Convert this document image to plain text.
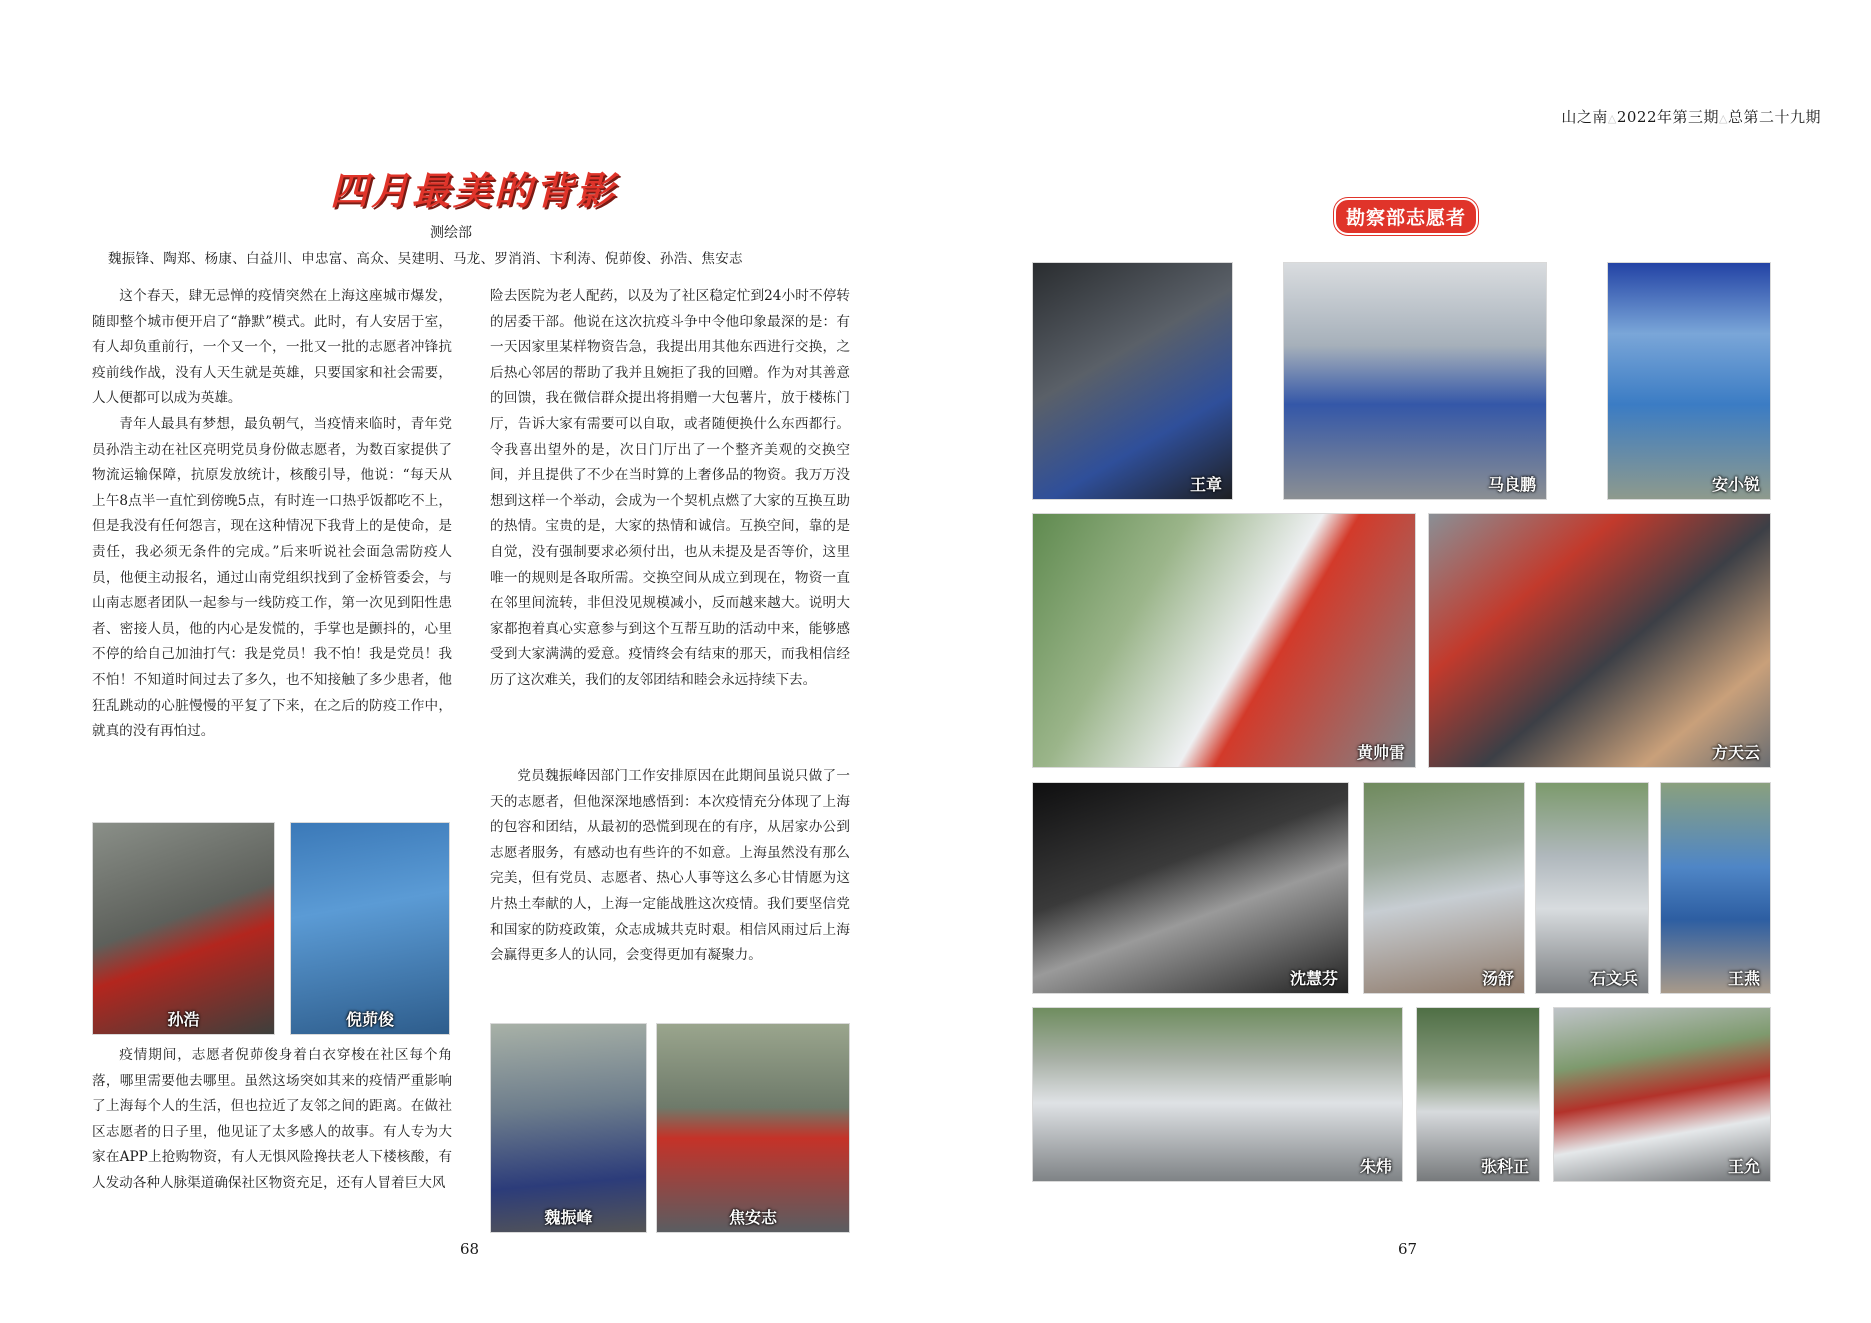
四月最美的背影
测绘部
魏振锋、陶郑、杨康、白益川、申忠富、高众、吴建明、马龙、罗消消、卞利涛、倪茆俊、孙浩、焦安志

这个春天，肆无忌惮的疫情突然在上海这座城市爆发，随即整个城市便开启了“静默”模式。此时，有人安居于室，有人却负重前行，一个又一个，一批又一批的志愿者冲锋抗疫前线作战，没有人天生就是英雄，只要国家和社会需要，人人便都可以成为英雄。

青年人最具有梦想，最负朝气，当疫情来临时，青年党员孙浩主动在社区亮明党员身份做志愿者，为数百家提供了物流运输保障，抗原发放统计，核酸引导，他说：“每天从上午8点半一直忙到傍晚5点，有时连一口热乎饭都吃不上，但是我没有任何怨言，现在这种情况下我背上的是使命，是责任，我必须无条件的完成。”后来听说社会面急需防疫人员，他便主动报名，通过山南党组织找到了金桥管委会，与山南志愿者团队一起参与一线防疫工作，第一次见到阳性患者、密接人员，他的内心是发慌的，手掌也是颤抖的，心里不停的给自己加油打气：我是党员！我不怕！我是党员！我不怕！不知道时间过去了多久，也不知接触了多少患者，他狂乱跳动的心脏慢慢的平复了下来，在之后的防疫工作中，就真的没有再怕过。

孙浩	倪茆俊

疫情期间，志愿者倪茆俊身着白衣穿梭在社区每个角落，哪里需要他去哪里。虽然这场突如其来的疫情严重影响了上海每个人的生活，但也拉近了友邻之间的距离。在做社区志愿者的日子里，他见证了太多感人的故事。有人专为大家在APP上抢购物资，有人无惧风险搀扶老人下楼核酸，有人发动各种人脉渠道确保社区物资充足，还有人冒着巨大风

险去医院为老人配药，以及为了社区稳定忙到24小时不停转的居委干部。他说在这次抗疫斗争中令他印象最深的是：有一天因家里某样物资告急，我提出用其他东西进行交换，之后热心邻居的帮助了我并且婉拒了我的回赠。作为对其善意的回馈，我在微信群众提出将捐赠一大包薯片，放于楼栋门厅，告诉大家有需要可以自取，或者随便换什么东西都行。令我喜出望外的是，次日门厅出了一个整齐美观的交换空间，并且提供了不少在当时算的上奢侈品的物资。我万万没想到这样一个举动，会成为一个契机点燃了大家的互换互助的热情。宝贵的是，大家的热情和诚信。互换空间，靠的是自觉，没有强制要求必须付出，也从未提及是否等价，这里唯一的规则是各取所需。交换空间从成立到现在，物资一直在邻里间流转，非但没见规模减小，反而越来越大。说明大家都抱着真心实意参与到这个互帮互助的活动中来，能够感受到大家满满的爱意。疫情终会有结束的那天，而我相信经历了这次难关，我们的友邻团结和睦会永远持续下去。

党员魏振峰因部门工作安排原因在此期间虽说只做了一天的志愿者，但他深深地感悟到：本次疫情充分体现了上海的包容和团结，从最初的恐慌到现在的有序，从居家办公到志愿者服务，有感动也有些许的不如意。上海虽然没有那么完美，但有党员、志愿者、热心人事等这么多心甘情愿为这片热土奉献的人，上海一定能战胜这次疫情。我们要坚信党和国家的防疫政策，众志成城共克时艰。相信风雨过后上海会赢得更多人的认同，会变得更加有凝聚力。

魏振峰	焦安志
68
山之南△2022年第三期△总第二十九期
勘察部志愿者
王章	马良鹏	安小锐
黄帅雷	方天云
沈慧芬	汤舒	石文兵	王燕
朱炜	张科正	王允
67
